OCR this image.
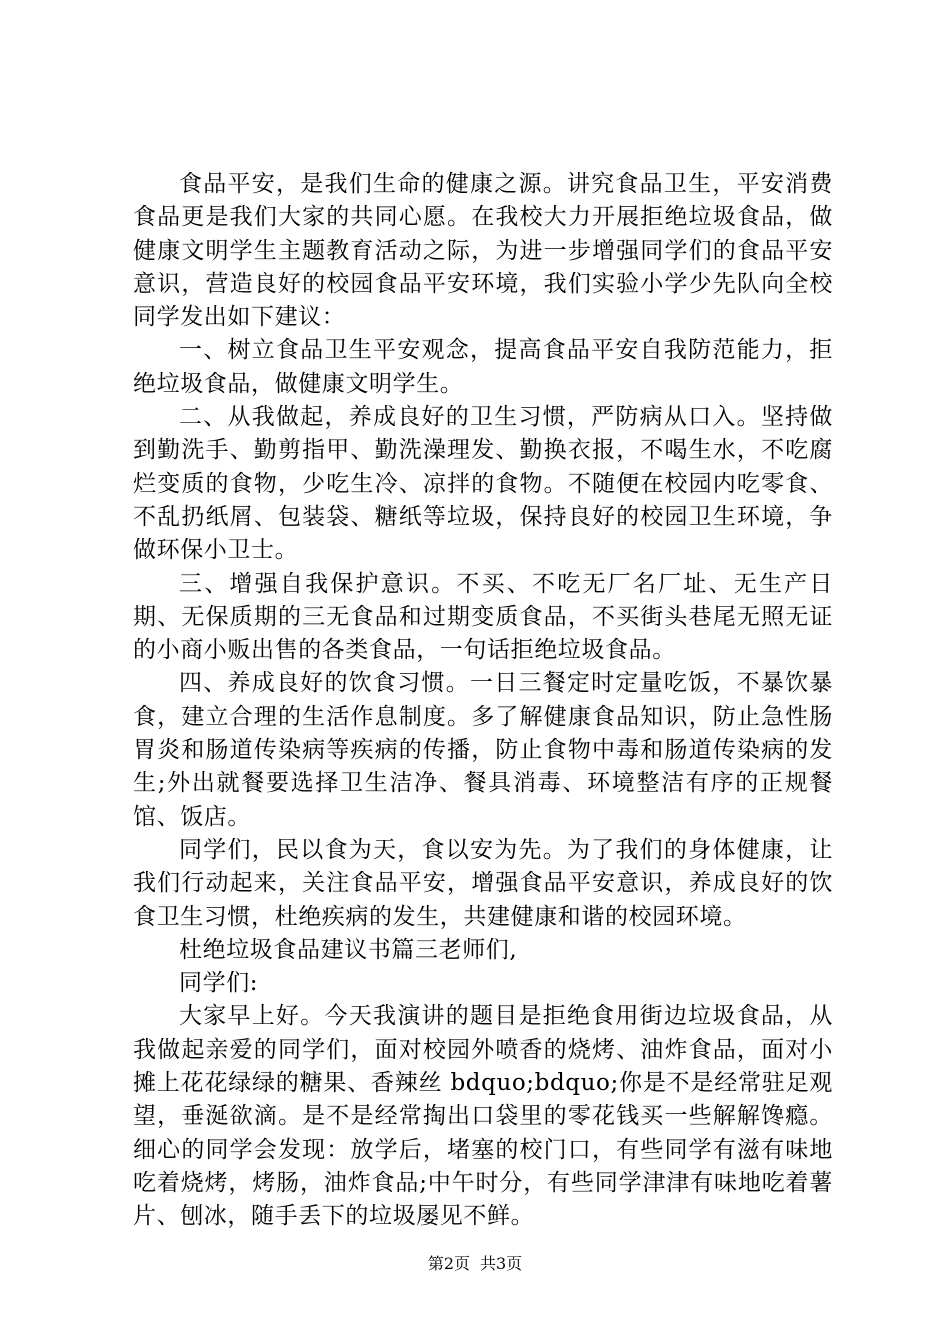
食品平安，是我们生命的健康之源。讲究食品卫生，平安消费食品更是我们大家的共同心愿。在我校大力开展拒绝垃圾食品，做健康文明学生主题教育活动之际，为进一步增强同学们的食品平安意识，营造良好的校园食品平安环境，我们实验小学少先队向全校同学发出如下建议：

一、树立食品卫生平安观念，提高食品平安自我防范能力，拒绝垃圾食品，做健康文明学生。

二、从我做起，养成良好的卫生习惯，严防病从口入。坚持做到勤洗手、勤剪指甲、勤洗澡理发、勤换衣报，不喝生水，不吃腐烂变质的食物，少吃生冷、凉拌的食物。不随便在校园内吃零食、不乱扔纸屑、包装袋、糖纸等垃圾，保持良好的校园卫生环境，争做环保小卫士。

三、增强自我保护意识。不买、不吃无厂名厂址、无生产日期、无保质期的三无食品和过期变质食品，不买街头巷尾无照无证的小商小贩出售的各类食品，一句话拒绝垃圾食品。

四、养成良好的饮食习惯。一日三餐定时定量吃饭，不暴饮暴食，建立合理的生活作息制度。多了解健康食品知识，防止急性肠胃炎和肠道传染病等疾病的传播，防止食物中毒和肠道传染病的发生;外出就餐要选择卫生洁净、餐具消毒、环境整洁有序的正规餐馆、饭店。

同学们，民以食为天，食以安为先。为了我们的身体健康，让我们行动起来，关注食品平安，增强食品平安意识，养成良好的饮食卫生习惯，杜绝疾病的发生，共建健康和谐的校园环境。

杜绝垃圾食品建议书篇三老师们,

同学们:

大家早上好。今天我演讲的题目是拒绝食用街边垃圾食品，从我做起亲爱的同学们，面对校园外喷香的烧烤、油炸食品，面对小摊上花花绿绿的糖果、香辣丝 bdquo;bdquo;你是不是经常驻足观望，垂涎欲滴。是不是经常掏出口袋里的零花钱买一些解解馋瘾。细心的同学会发现：放学后，堵塞的校门口，有些同学有滋有味地吃着烧烤，烤肠，油炸食品;中午时分，有些同学津津有味地吃着薯片、刨冰，随手丢下的垃圾屡见不鲜。

第2页 共3页
